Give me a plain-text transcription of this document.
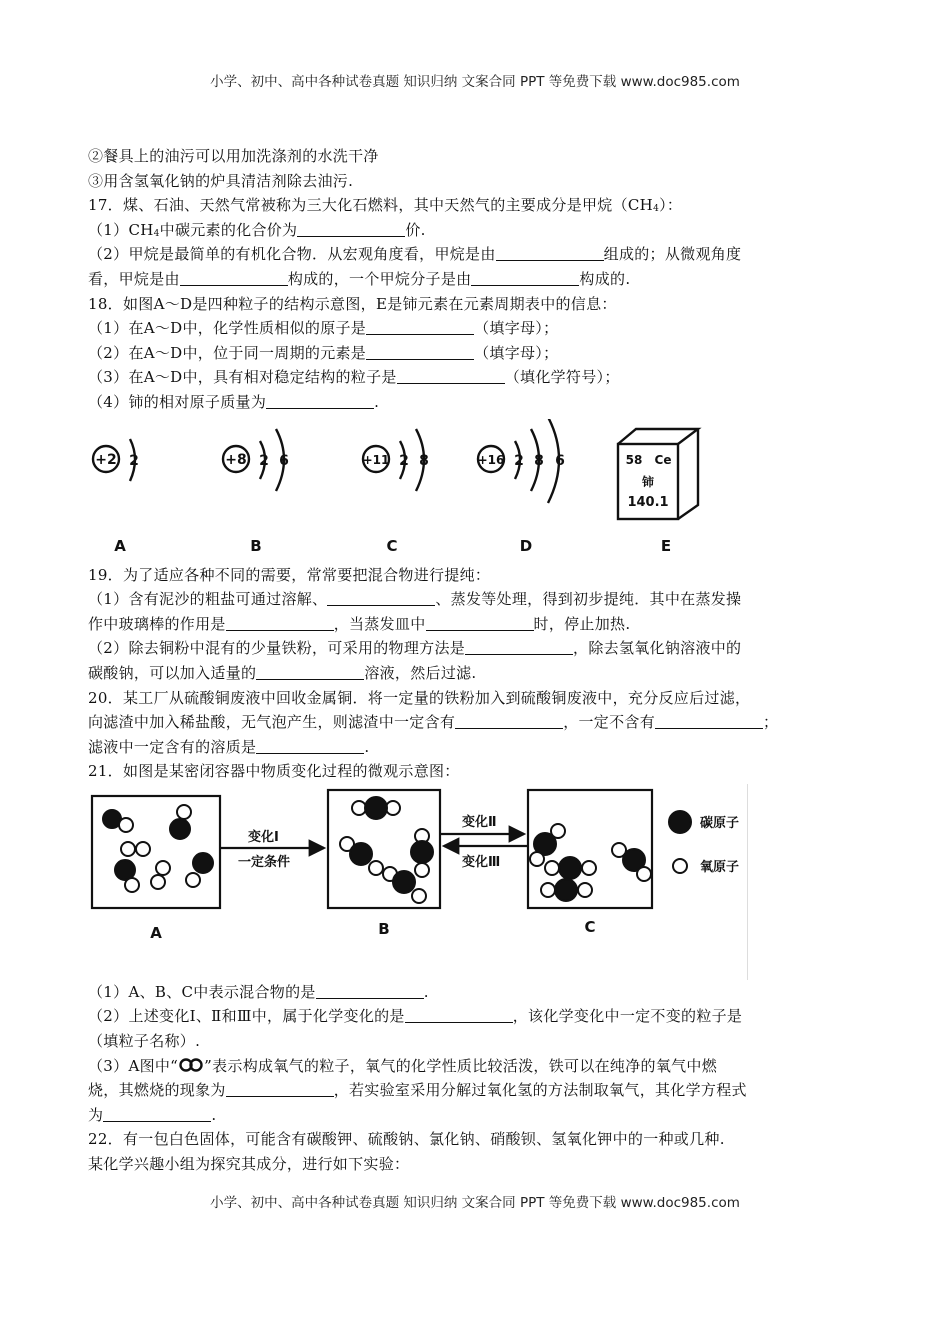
小学、初中、高中各种试卷真题 知识归纳 文案合同 PPT 等免费下载 www.doc985.com
②餐具上的油污可以用加洗涤剂的水洗干净
③用含氢氧化钠的炉具清洁剂除去油污.
17．煤、石油、天然气常被称为三大化石燃料，其中天然气的主要成分是甲烷$(CH_4)$：
$(1)CH_4$中碳元素的化合价为	价.
（2）甲烷是最简单的有机化合物．从宏观角度看，甲烷是由	组成的；从微观角度
看，甲烷是由	构成的，一个甲烷分子是由	构成的.
18．如图A～D是四种粒子的结构示意图，E是铈元素在元素周期表中的信息：
（1）在A～D中，化学性质相似的原子是	（填字母）；
（2）在A～D中，位于同一周期的元素是	（填字母）；
（3）在A～D中，具有相对稳定结构的粒子是	（填化学符号）；
（4）铈的相对原子质量为	.
+2 2	+8 2 6	+11 2 8	+16 2 8 6	58 Ce
铈
140.1
A	B	C	D	E
19．为了适应各种不同的需要，常常要把混合物进行提纯：
（1）含有泥沙的粗盐可通过溶解、	、蒸发等处理，得到初步提纯．其中在蒸发操
作中玻璃棒的作用是	，当蒸发皿中	时，停止加热.
（2）除去铜粉中混有的少量铁粉，可采用的物理方法是	，除去氢氧化钠溶液中的
碳酸钠，可以加入适量的	溶液，然后过滤.
20．某工厂从硫酸铜废液中回收金属铜．将一定量的铁粉加入到硫酸铜废液中，充分反应后过滤，
向滤渣中加入稀盐酸，无气泡产生，则滤渣中一定含有	，一定不含有	；
滤液中一定含有的溶质是	.
21．如图是某密闭容器中物质变化过程的微观示意图：
变化Ⅰ
一定条件
变化Ⅱ
变化Ⅲ
碳原子
氧原子
A	B	C
（1）A、B、C中表示混合物的是	.
（2）上述变化Ⅰ、Ⅱ和Ⅲ中，属于化学变化的是	，该化学变化中一定不变的粒子是
（填粒子名称）.
（3）A图中“ ”表示构成氧气的粒子，氧气的化学性质比较活泼，铁可以在纯净的氧气中燃
烧，其燃烧的现象为	，若实验室采用分解过氧化氢的方法制取氧气，其化学方程式
为	.
22．有一包白色固体，可能含有碳酸钾、硫酸钠、氯化钠、硝酸钡、氢氧化钾中的一种或几种.
某化学兴趣小组为探究其成分，进行如下实验：
小学、初中、高中各种试卷真题 知识归纳 文案合同 PPT 等免费下载 www.doc985.com
